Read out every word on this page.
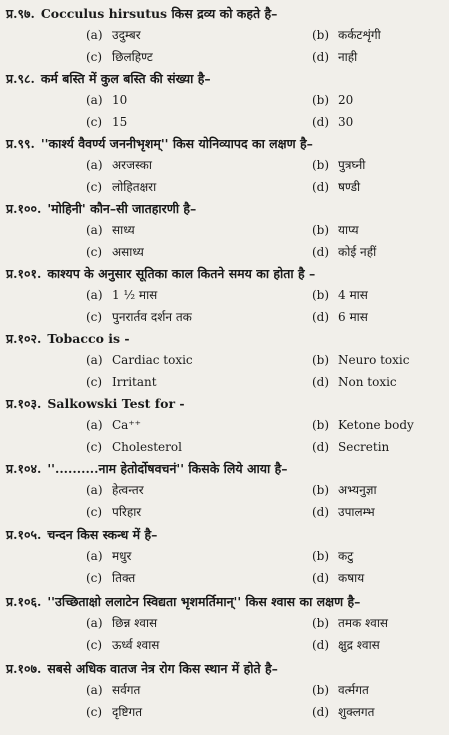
प्र.९७. Cocculus hirsutus किस द्रव्य को कहते है–
(a) उदुम्बर	(b) कर्कटशृंगी
(c) छिलहिण्ट	(d) नाही
प्र.९८. कर्म बस्ति में कुल बस्ति की संख्या है–
(a) 10	(b) 20
(c) 15	(d) 30
प्र.९९. ''कार्श्य वैवर्ण्य जननीभृशम्'' किस योनिव्यापद का लक्षण है–
(a) अरजस्का	(b) पुत्रघ्नी
(c) लोहितक्षरा	(d) षण्डी
प्र.१००. 'मोहिनी' कौन–सी जातहारणी है–
(a) साध्य	(b) याप्य
(c) असाध्य	(d) कोई नहीं
प्र.१०१. काश्यप के अनुसार सूतिका काल कितने समय का होता है –
(a) 1 ½ मास	(b) 4 मास
(c) पुनरार्तव दर्शन तक	(d) 6 मास
प्र.१०२. Tobacco is -
(a) Cardiac toxic	(b) Neuro toxic
(c) Irritant	(d) Non toxic
प्र.१०३. Salkowski Test for -
(a) Ca⁺⁺	(b) Ketone body
(c) Cholesterol	(d) Secretin
प्र.१०४. ''..........नाम हेतोर्दोषवचनं'' किसके लिये आया है–
(a) हेत्वन्तर	(b) अभ्यनुज्ञा
(c) परिहार	(d) उपालम्भ
प्र.१०५. चन्दन किस स्कन्ध में है–
(a) मधुर	(b) कटु
(c) तिक्त	(d) कषाय
प्र.१०६. ''उच्छिताक्षो ललाटेन स्विद्यता भृशमर्तिमान्'' किस श्वास का लक्षण है–
(a) छिन्न श्वास	(b) तमक श्वास
(c) ऊर्ध्व श्वास	(d) क्षुद्र श्वास
प्र.१०७. सबसे अधिक वातज नेत्र रोग किस स्थान में होते है–
(a) सर्वगत	(b) वर्त्मगत
(c) दृष्टिगत	(d) शुक्लगत
